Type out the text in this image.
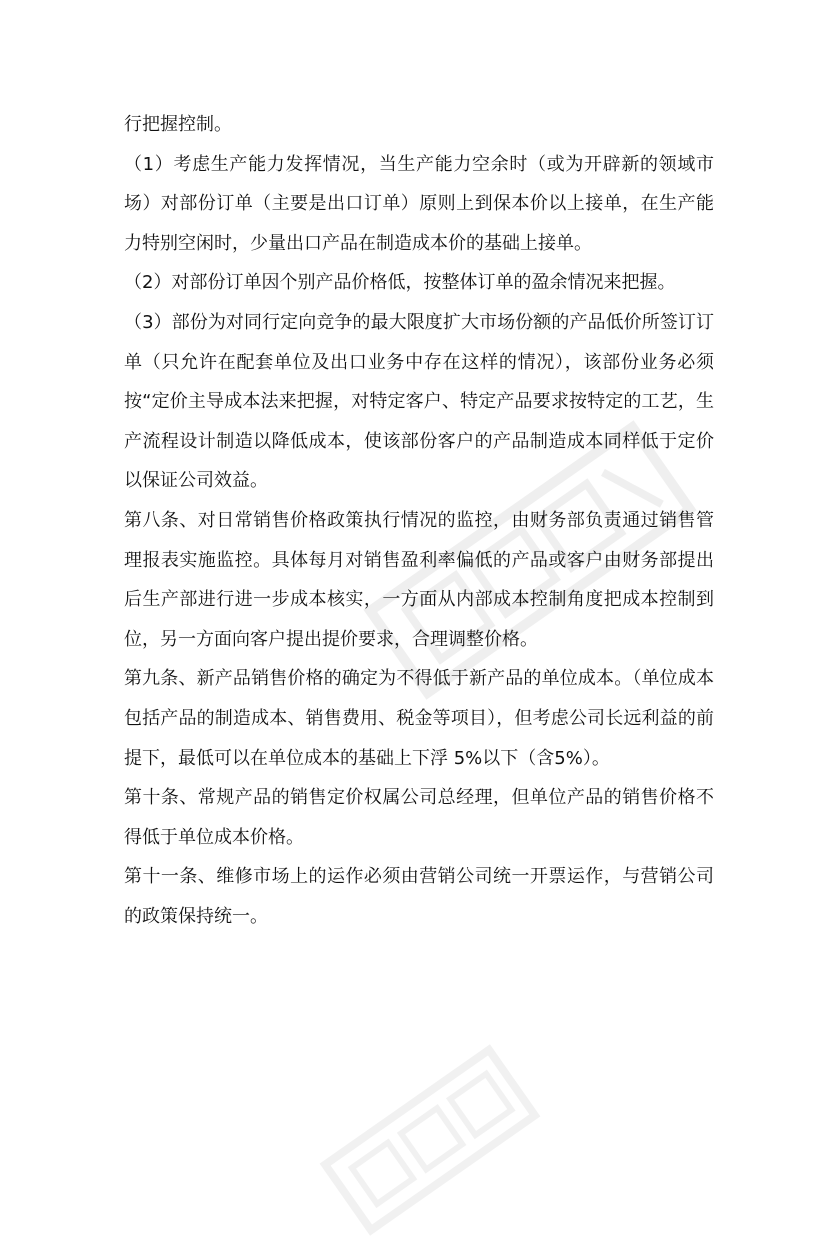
行把握控制。

（1）考虑生产能力发挥情况，当生产能力空余时（或为开辟新的领域市场）对部份订单（主要是出口订单）原则上到保本价以上接单，在生产能力特别空闲时，少量出口产品在制造成本价的基础上接单。

（2）对部份订单因个别产品价格低，按整体订单的盈余情况来把握。

（3）部份为对同行定向竞争的最大限度扩大市场份额的产品低价所签订订单（只允许在配套单位及出口业务中存在这样的情况），该部份业务必须按“定价主导成本法来把握，对特定客户、特定产品要求按特定的工艺，生产流程设计制造以降低成本，使该部份客户的产品制造成本同样低于定价以保证公司效益。

第八条、对日常销售价格政策执行情况的监控，由财务部负责通过销售管理报表实施监控。具体每月对销售盈利率偏低的产品或客户由财务部提出后生产部进行进一步成本核实，一方面从内部成本控制角度把成本控制到位，另一方面向客户提出提价要求，合理调整价格。

第九条、新产品销售价格的确定为不得低于新产品的单位成本。（单位成本包括产品的制造成本、销售费用、税金等项目），但考虑公司长远利益的前提下，最低可以在单位成本的基础上下浮 5%以下（含5%）。

第十条、常规产品的销售定价权属公司总经理，但单位产品的销售价格不得低于单位成本价格。

第十一条、维修市场上的运作必须由营销公司统一开票运作，与营销公司的政策保持统一。
